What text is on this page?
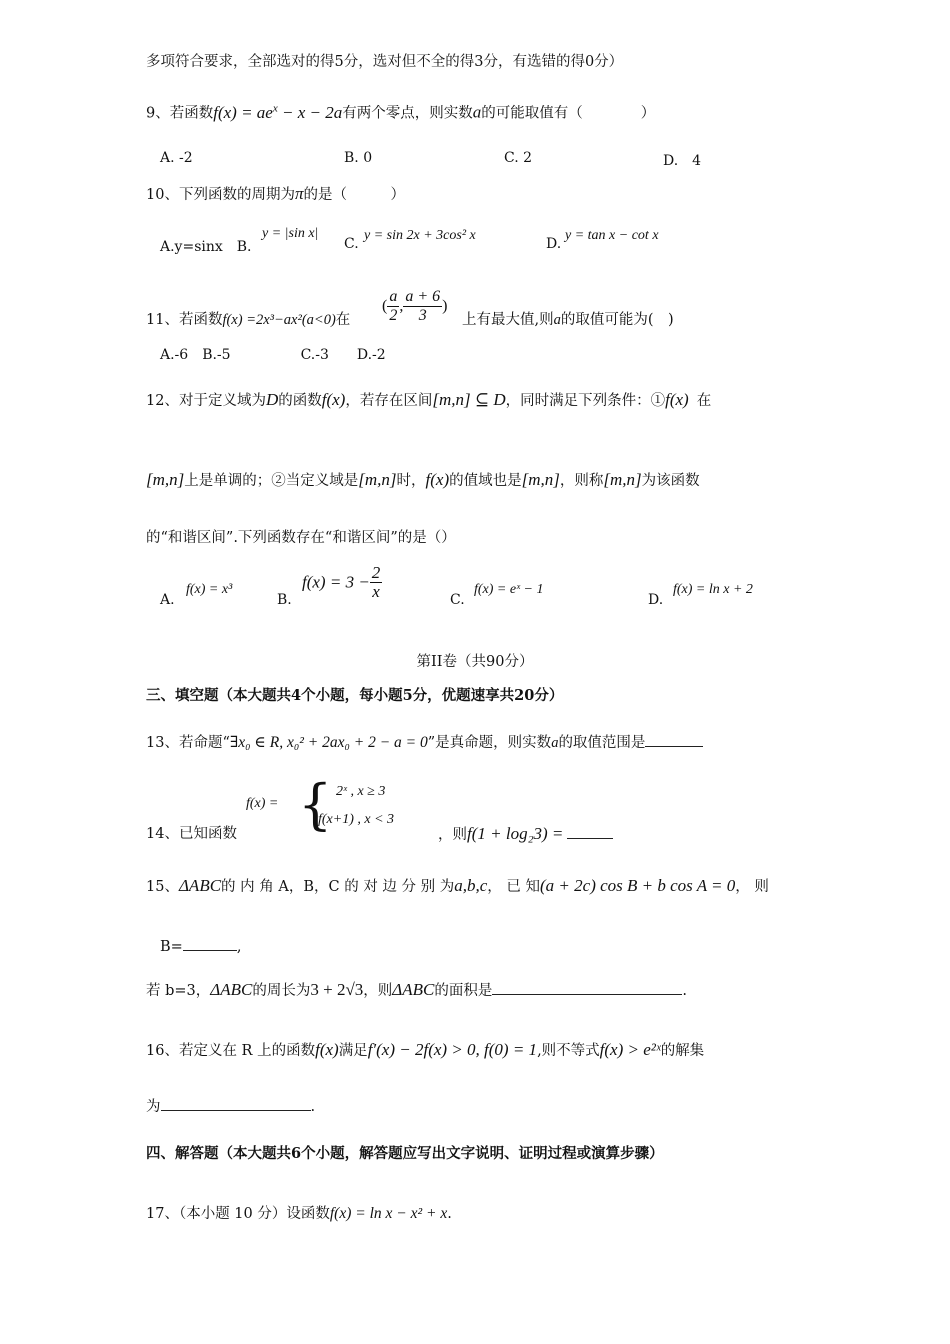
多项符合要求，全部选对的得5分，选对但不全的得3分，有选错的得0分）
9、若函数$f(x) = ae^x - x - 2a$有两个零点，则实数a的可能取值有（　　　　）
A. -2	B. 0	C. 2	D.　4
10、下列函数的周期为π的是（　　　）
A.y=sinx　B.
y = |sin x|
C.
y = sin 2x + 3cos² x
D.
y = tan x − cot x
11、若函数f(x) =2x³−ax²(a<0)在
( $\frac{a}{2}$ , $\frac{a + 6}{3}$ )
上有最大值,则a的取值可能为(　)
A.-6　B.-5　　　　　C.-3　　D.-2
12、对于定义域为D的函数f(x)，若存在区间[m,n] ⊆ D，同时满足下列条件：①f(x) 在
[m,n]上是单调的；②当定义域是[m,n]时，f(x)的值域也是[m,n]，则称[m,n]为该函数
的“和谐区间”.下列函数存在“和谐区间”的是（）
A.
f(x) = x³
B.
$f(x) = 3 - \frac{2}{x}$	C.
f(x) = eˣ − 1
D.
f(x) = ln x + 2
第II卷（共90分）
三、填空题（本大题共4个小题，每小题5分，优题速享共20分）
13、若命题“∃x₀ ∈ R, x₀² + 2ax₀ + 2 − a = 0”是真命题，则实数a的取值范围是
14、已知函数
f(x) = { 2ˣ , x ≥ 3
f(x+1) , x < 3
，则f(1 + log₂3) =
15、ΔABC的 内 角 A，B，C 的 对 边 分 别 为a,b,c， 已 知(a + 2c) cos B + b cos A = 0， 则
B=	,
若 b=3，ΔABC的周长为3 + 2√3，则ΔABC的面积是	.
16、若定义在 R 上的函数f(x)满足f′(x) − 2f(x) > 0, f(0) = 1,则不等式f(x) > e²ˣ的解集
为	.
四、解答题（本大题共6个小题，解答题应写出文字说明、证明过程或演算步骤）
17、（本小题 10 分）设函数f(x) = ln x − x² + x.
